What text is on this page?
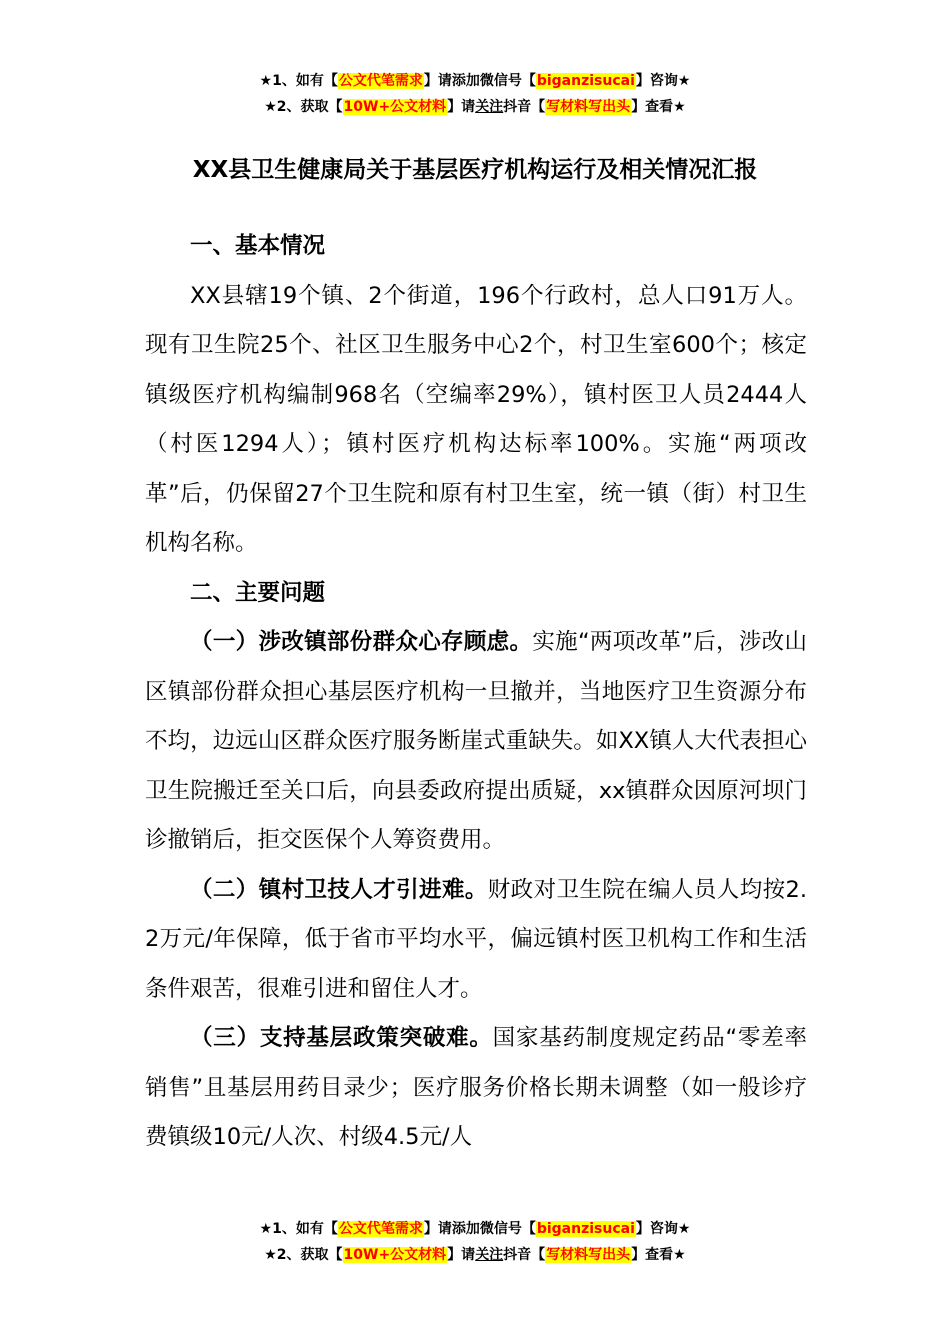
★1、如有【公文代笔需求】请添加微信号【biganzisucai】咨询★
★2、获取【10W+公文材料】请关注抖音【写材料写出头】查看★
XX县卫生健康局关于基层医疗机构运行及相关情况汇报

一、基本情况

XX县辖19个镇、2个街道，196个行政村，总人口91万人。现有卫生院25个、社区卫生服务中心2个，村卫生室600个；核定镇级医疗机构编制968名（空编率29%），镇村医卫人员2444人（村医1294人）；镇村医疗机构达标率100%。实施“两项改革”后，仍保留27个卫生院和原有村卫生室，统一镇（街）村卫生机构名称。

二、主要问题

（一）涉改镇部份群众心存顾虑。实施“两项改革”后，涉改山区镇部份群众担心基层医疗机构一旦撤并，当地医疗卫生资源分布不均，边远山区群众医疗服务断崖式重缺失。如XX镇人大代表担心卫生院搬迁至关口后，向县委政府提出质疑，xx镇群众因原河坝门诊撤销后，拒交医保个人筹资费用。

（二）镇村卫技人才引进难。财政对卫生院在编人员人均按2.2万元/年保障，低于省市平均水平，偏远镇村医卫机构工作和生活条件艰苦，很难引进和留住人才。

（三）支持基层政策突破难。国家基药制度规定药品“零差率销售”且基层用药目录少；医疗服务价格长期未调整（如一般诊疗费镇级10元/人次、村级4.5元/人

★1、如有【公文代笔需求】请添加微信号【biganzisucai】咨询★
★2、获取【10W+公文材料】请关注抖音【写材料写出头】查看★
